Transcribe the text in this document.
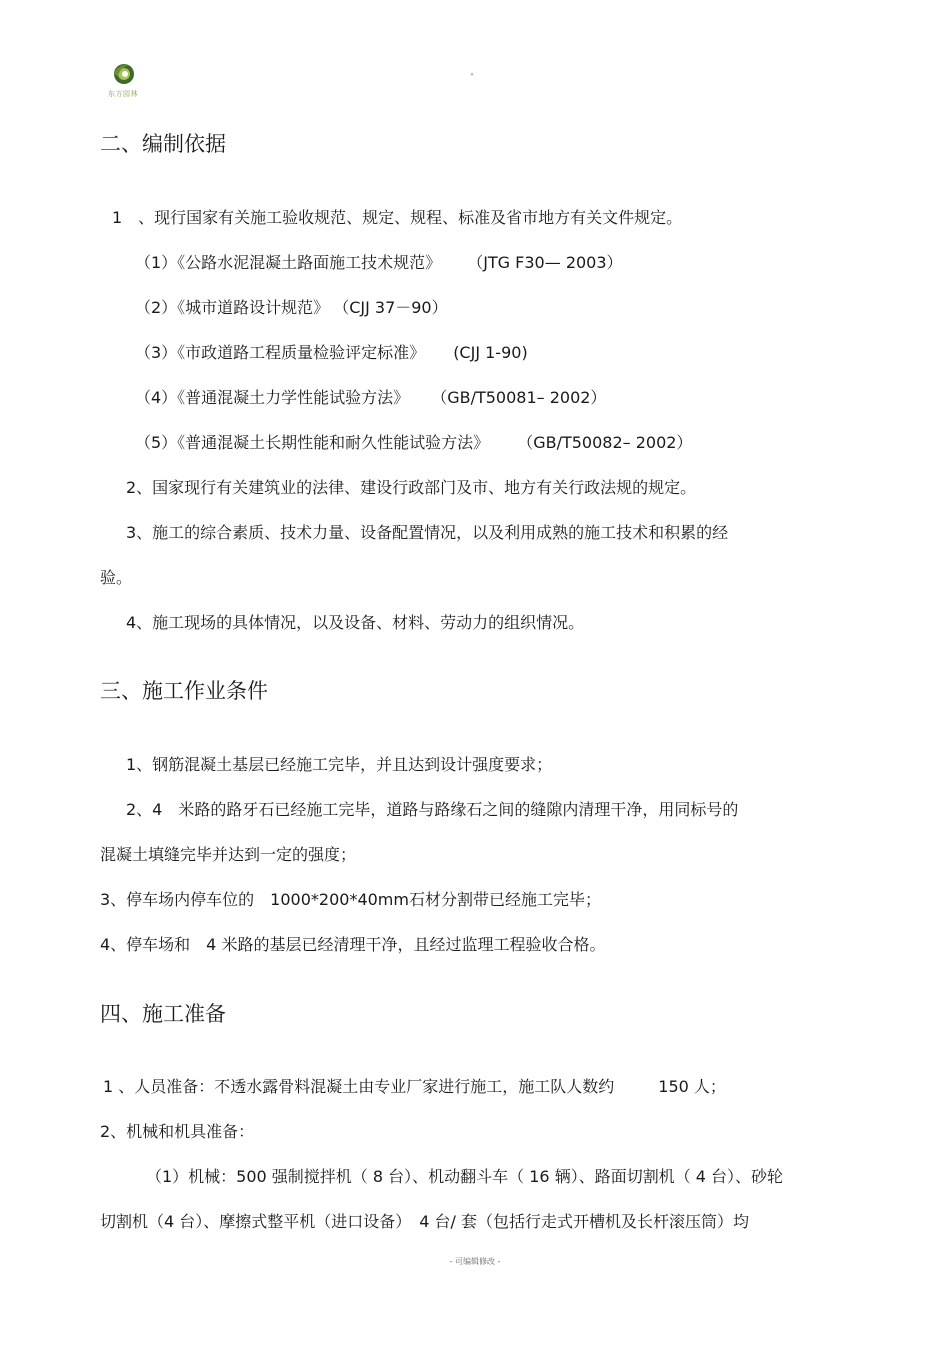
东方园林
°
二、编制依据

1　、现行国家有关施工验收规范、规定、规程、标准及省市地方有关文件规定。

（1）《公路水泥混凝土路面施工技术规范》 （JTG F30— 2003）

（2）《城市道路设计规范》 （CJJ 37－90）

（3）《市政道路工程质量检验评定标准》 (CJJ 1-90)

（4）《普通混凝土力学性能试验方法》 （GB/T50081– 2002）

（5）《普通混凝土长期性能和耐久性能试验方法》 （GB/T50082– 2002）

2、国家现行有关建筑业的法律、建设行政部门及市、地方有关行政法规的规定。

3、施工的综合素质、技术力量、设备配置情况，以及利用成熟的施工技术和积累的经

验。

4、施工现场的具体情况，以及设备、材料、劳动力的组织情况。

三、施工作业条件

1、钢筋混凝土基层已经施工完毕，并且达到设计强度要求；

2、4　米路的路牙石已经施工完毕，道路与路缘石之间的缝隙内清理干净，用同标号的

混凝土填缝完毕并达到一定的强度；

3、停车场内停车位的　1000*200*40mm石材分割带已经施工完毕；

4、停车场和　4 米路的基层已经清理干净，且经过监理工程验收合格。

四、施工准备

1 、人员准备：不透水露骨料混凝土由专业厂家进行施工，施工队人数约	150 人；

2、机械和机具准备：

（1）机械：500 强制搅拌机（ 8 台）、机动翻斗车（ 16 辆）、路面切割机（ 4 台）、砂轮

切割机（4 台）、摩擦式整平机（进口设备）　4 台/ 套（包括行走式开槽机及长杆滚压筒）均

- 可编辑修改 -
